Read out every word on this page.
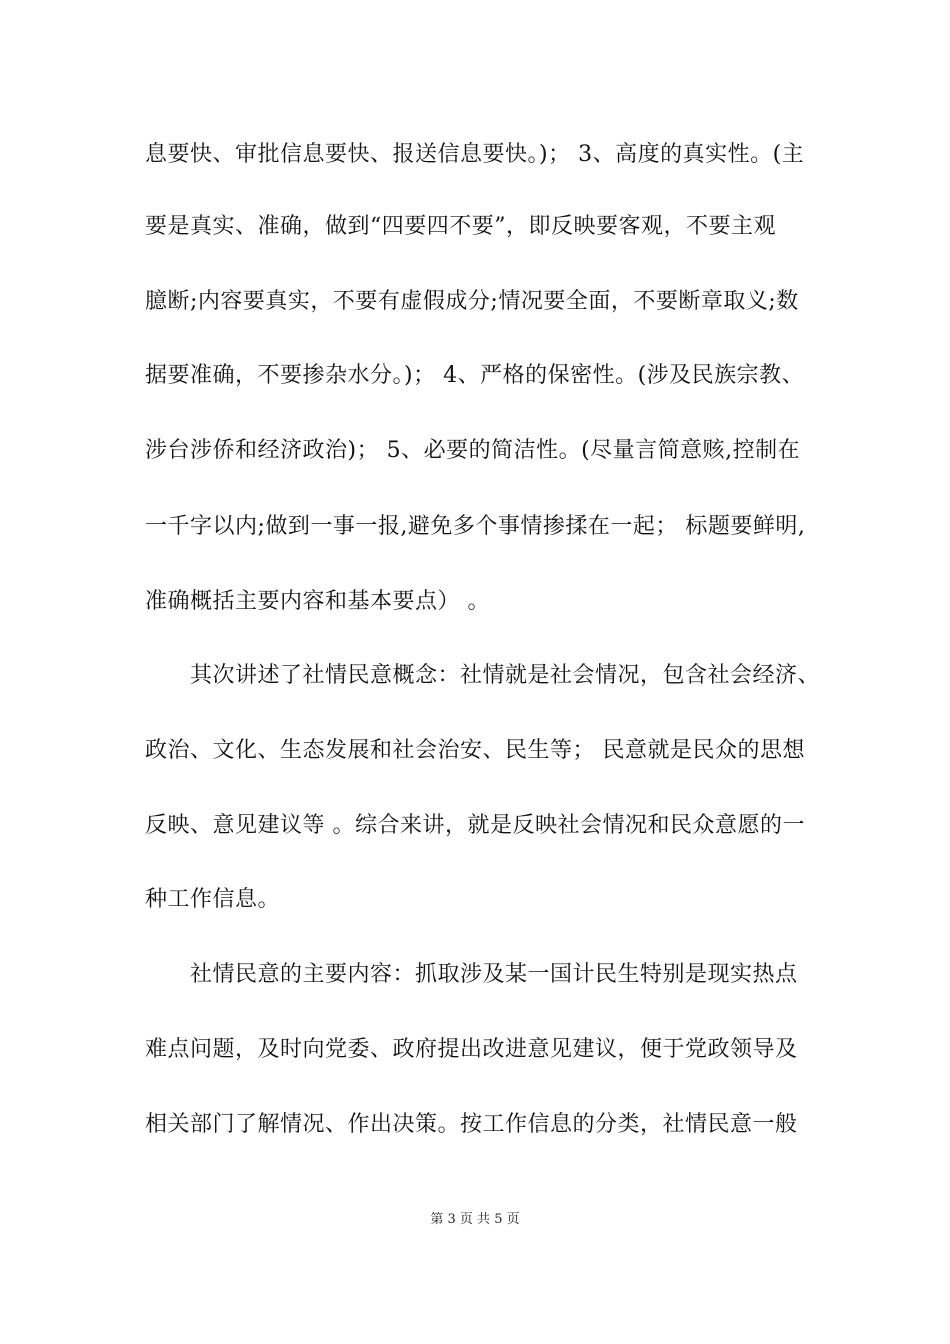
息要快、审批信息要快、报送信息要快。)； 3、高度的真实性。(主
要是真实、准确，做到“四要四不要”，即反映要客观，不要主观
臆断;内容要真实，不要有虚假成分;情况要全面，不要断章取义;数
据要准确，不要掺杂水分。)； 4、严格的保密性。(涉及民族宗教、
涉台涉侨和经济政治)； 5、必要的简洁性。(尽量言简意赅,控制在
一千字以内;做到一事一报,避免多个事情掺揉在一起； 标题要鲜明,
准确概括主要内容和基本要点） 。
其次讲述了社情民意概念：社情就是社会情况，包含社会经济、
政治、文化、生态发展和社会治安、民生等； 民意就是民众的思想
反映、意见建议等 。综合来讲，就是反映社会情况和民众意愿的一
种工作信息。
社情民意的主要内容：抓取涉及某一国计民生特别是现实热点
难点问题，及时向党委、政府提出改进意见建议，便于党政领导及
相关部门了解情况、作出决策。按工作信息的分类，社情民意一般
第 3 页 共 5 页
